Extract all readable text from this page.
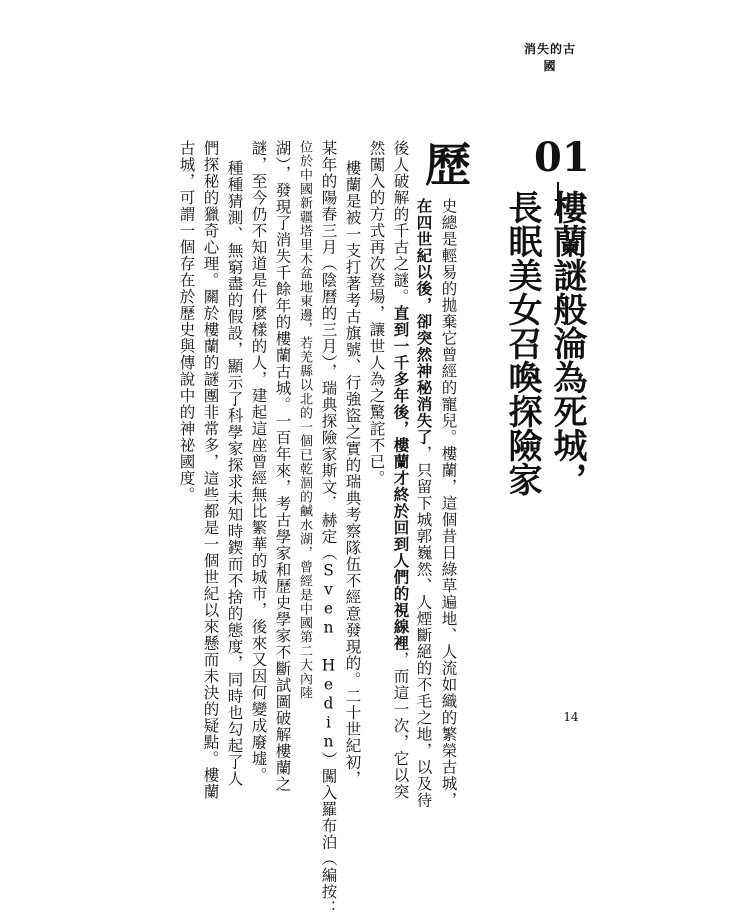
消失的古國
01
樓蘭謎般淪為死城，
長眠美女召喚探險家
歷
史總是輕易的拋棄它曾經的寵兒。樓蘭，這個昔日綠草遍地、人流如織的繁榮古城，
在四世紀以後，卻突然神秘消失了，只留下城郭巍然、人煙斷絕的不毛之地，以及待
後人破解的千古之謎。直到一千多年後，樓蘭才終於回到人們的視線裡，而這一次，它以突
然闖入的方式再次登場，讓世人為之驚詫不已。
樓蘭是被一支打著考古旗號、行強盜之實的瑞典考察隊伍不經意發現的。二十世紀初，
某年的陽春三月（陰曆的三月），瑞典探險家斯文．赫定（Sven Hedin）闖入羅布泊（編按：
位於中國新疆塔里木盆地東邊，若羌縣以北的一個已乾涸的鹹水湖，曾經是中國第二大內陸
湖），發現了消失千餘年的樓蘭古城。一百年來，考古學家和歷史學家不斷試圖破解樓蘭之
謎，至今仍不知道是什麼樣的人，建起這座曾經無比繁華的城市，後來又因何變成廢墟。
種種猜測、無窮盡的假設，顯示了科學家探求未知時鍥而不捨的態度，同時也勾起了人
們探秘的獵奇心理。關於樓蘭的謎團非常多，這些都是一個世紀以來懸而未決的疑點。樓蘭
古城，可謂一個存在於歷史與傳說中的神祕國度。
14
